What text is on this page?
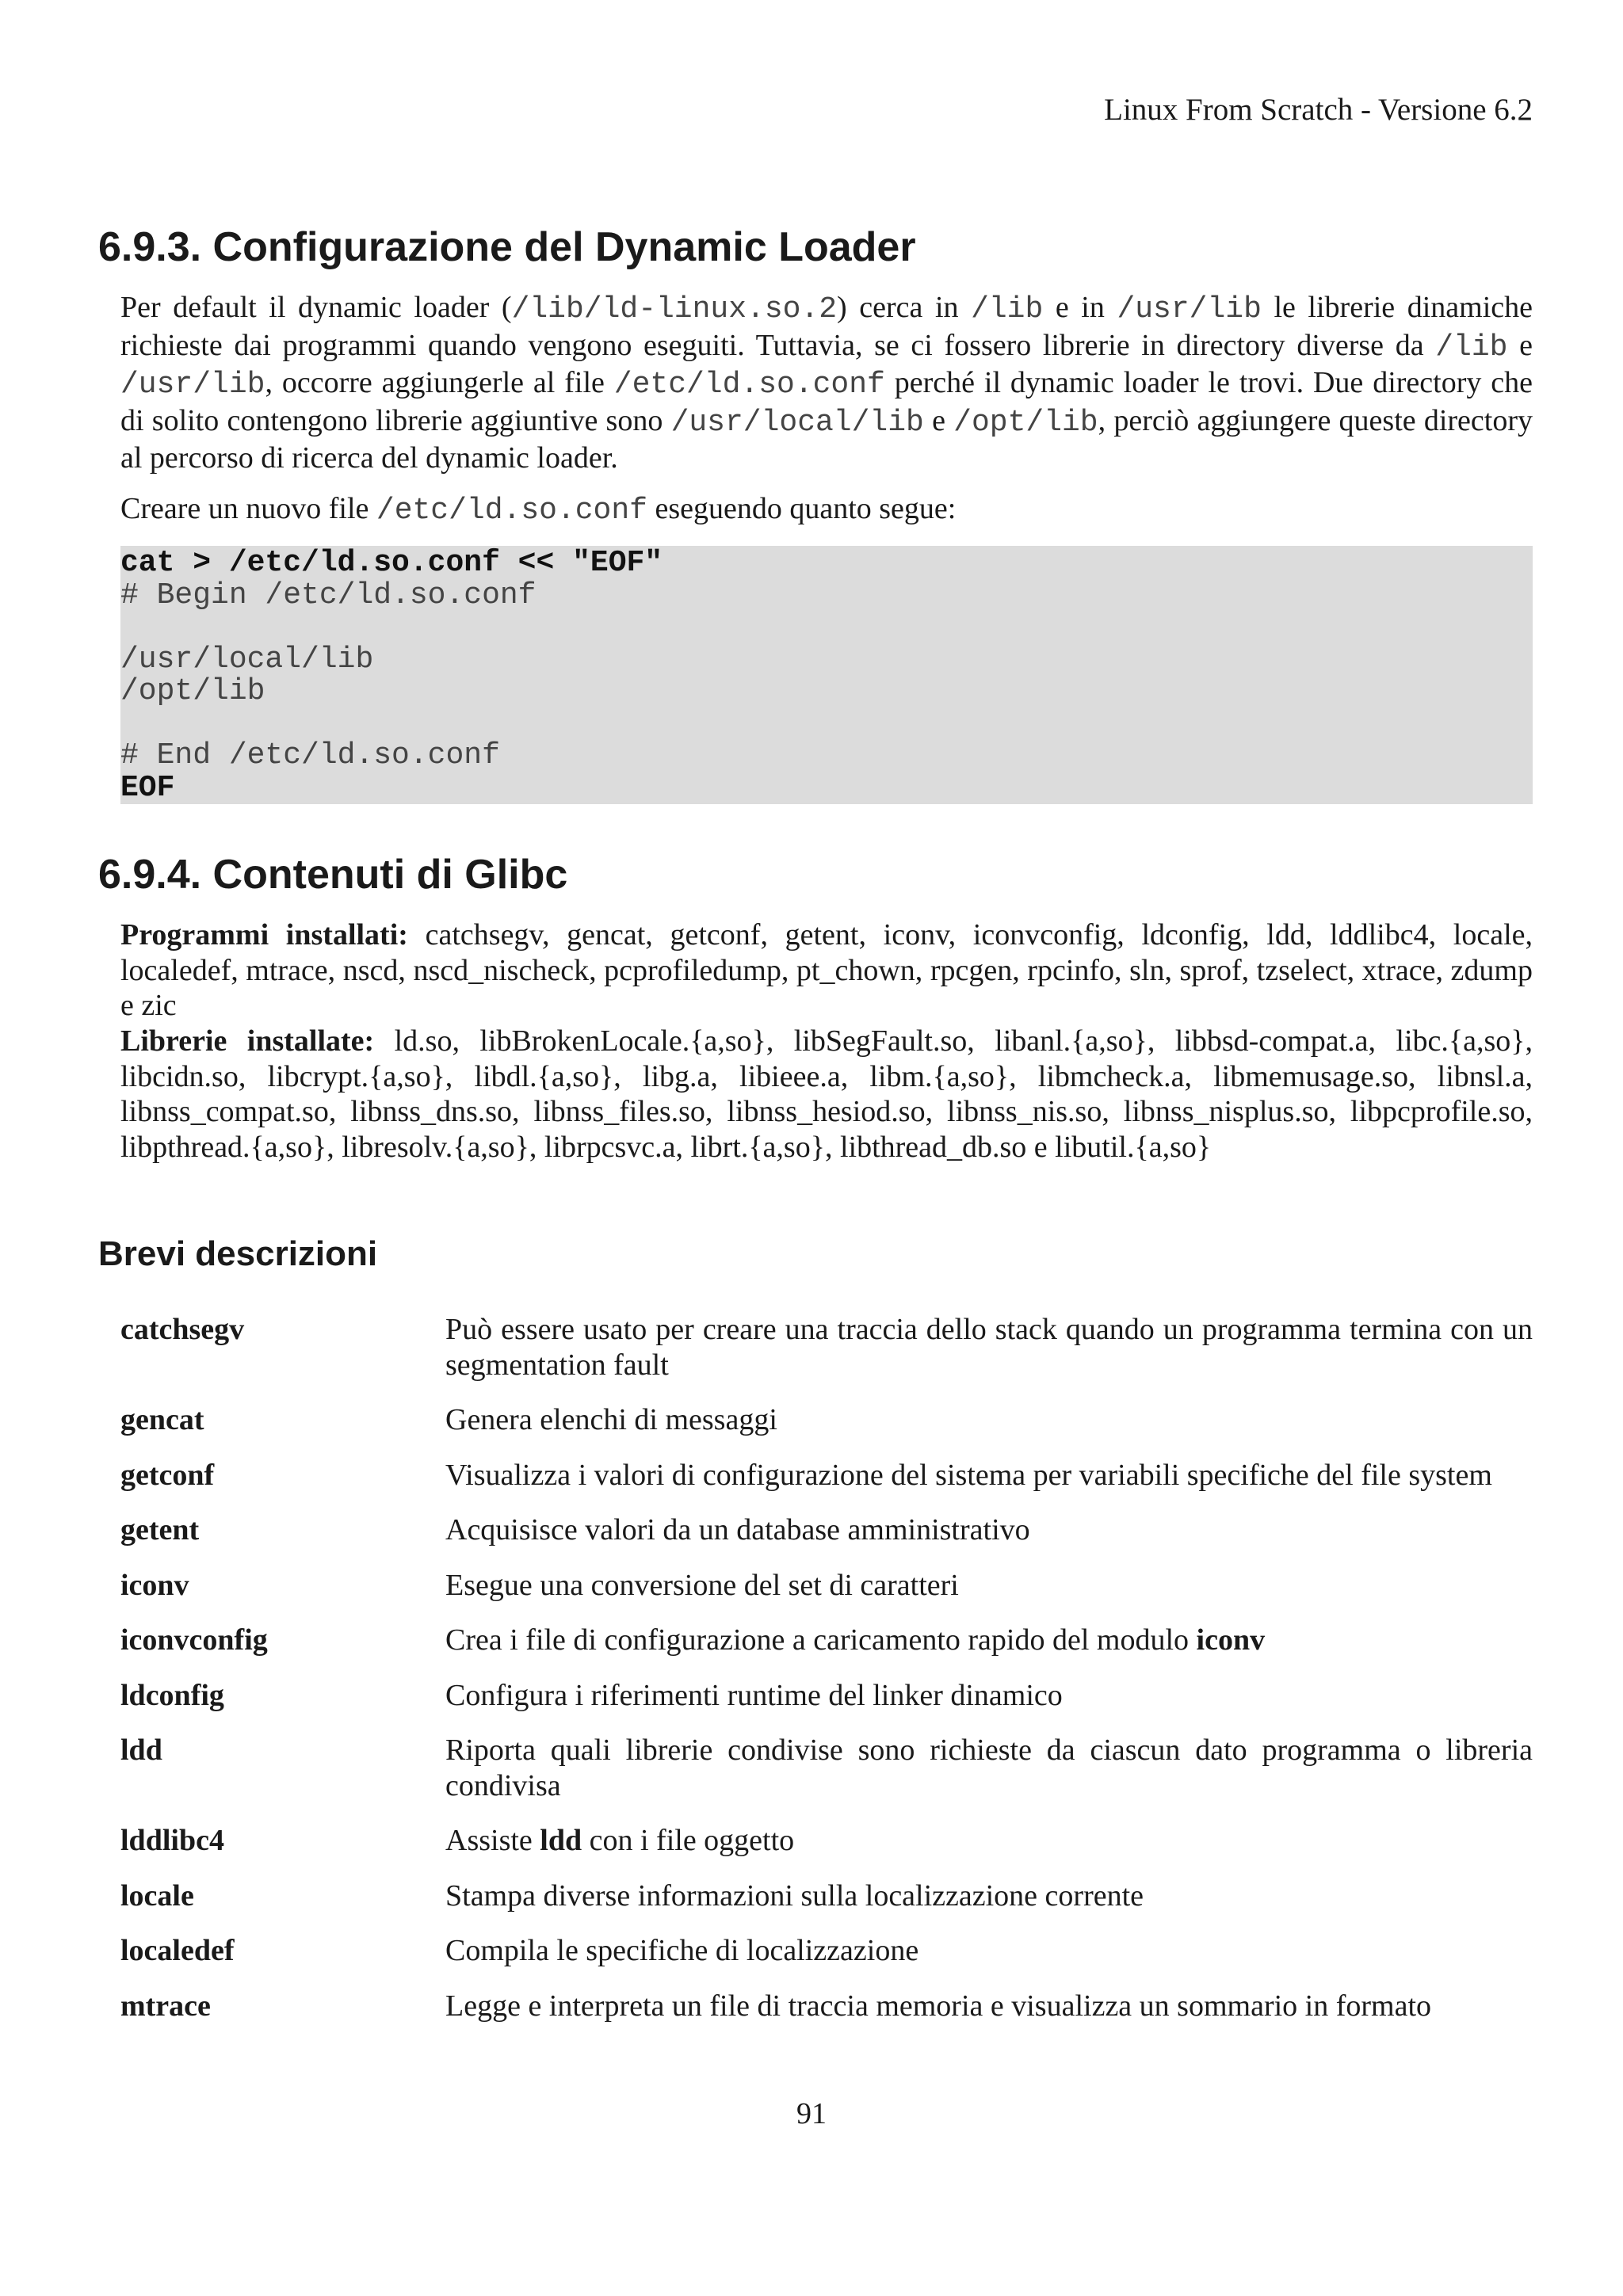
Linux From Scratch - Versione 6.2
6.9.3. Configurazione del Dynamic Loader
Per default il dynamic loader (/lib/ld-linux.so.2) cerca in /lib e in /usr/lib le librerie dinamiche richieste dai programmi quando vengono eseguiti. Tuttavia, se ci fossero librerie in directory diverse da /lib e /usr/lib, occorre aggiungerle al file /etc/ld.so.conf perché il dynamic loader le trovi. Due directory che di solito contengono librerie aggiuntive sono /usr/local/lib e /opt/lib, perciò aggiungere queste directory al percorso di ricerca del dynamic loader.
Creare un nuovo file /etc/ld.so.conf eseguendo quanto segue:
cat > /etc/ld.so.conf << "EOF"
# Begin /etc/ld.so.conf
/usr/local/lib
/opt/lib
# End /etc/ld.so.conf
EOF
6.9.4. Contenuti di Glibc
Programmi installati: catchsegv, gencat, getconf, getent, iconv, iconvconfig, ldconfig, ldd, lddlibc4, locale, localedef, mtrace, nscd, nscd_nischeck, pcprofiledump, pt_chown, rpcgen, rpcinfo, sln, sprof, tzselect, xtrace, zdump e zic
Librerie installate: ld.so, libBrokenLocale.{a,so}, libSegFault.so, libanl.{a,so}, libbsd-compat.a, libc.{a,so}, libcidn.so, libcrypt.{a,so}, libdl.{a,so}, libg.a, libieee.a, libm.{a,so}, libmcheck.a, libmemusage.so, libnsl.a, libnss_compat.so, libnss_dns.so, libnss_files.so, libnss_hesiod.so, libnss_nis.so, libnss_nisplus.so, libpcprofile.so, libpthread.{a,so}, libresolv.{a,so}, librpcsvc.a, librt.{a,so}, libthread_db.so e libutil.{a,so}
Brevi descrizioni
catchsegv	Può essere usato per creare una traccia dello stack quando un programma termina con un segmentation fault
gencat	Genera elenchi di messaggi
getconf	Visualizza i valori di configurazione del sistema per variabili specifiche del file system
getent	Acquisisce valori da un database amministrativo
iconv	Esegue una conversione del set di caratteri
iconvconfig	Crea i file di configurazione a caricamento rapido del modulo iconv
ldconfig	Configura i riferimenti runtime del linker dinamico
ldd	Riporta quali librerie condivise sono richieste da ciascun dato programma o libreria condivisa
lddlibc4	Assiste ldd con i file oggetto
locale	Stampa diverse informazioni sulla localizzazione corrente
localedef	Compila le specifiche di localizzazione
mtrace	Legge e interpreta un file di traccia memoria e visualizza un sommario in formato
91
